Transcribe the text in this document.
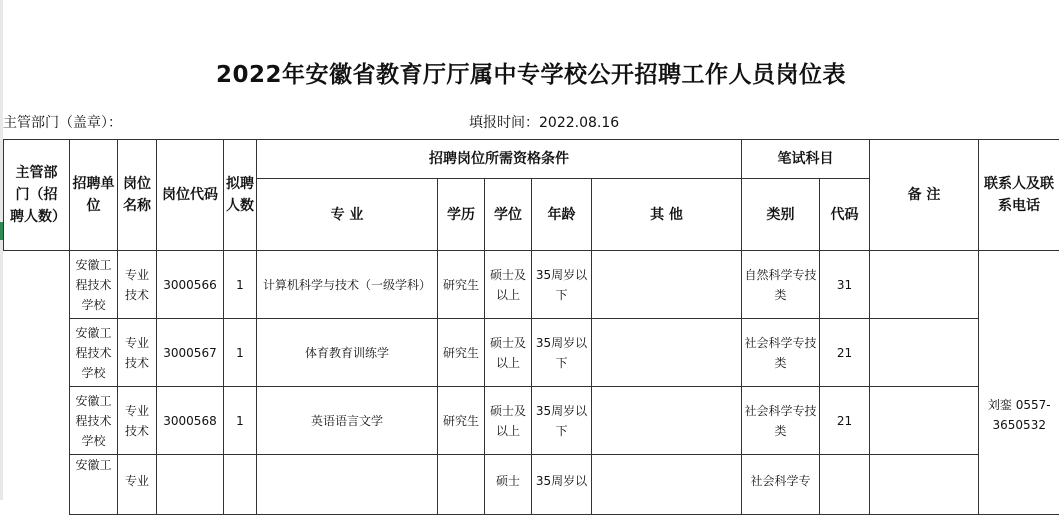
2022年安徽省教育厅厅属中专学校公开招聘工作人员岗位表
主管部门（盖章）：	填报时间：2022.08.16
主管部门（招聘人数）	招聘单位	岗位名称	岗位代码	拟聘人数	招聘岗位所需资格条件					笔试科目		备 注	联系人及联系电话
					专 业	学历	学位	年龄	其 他	类别	代码		
	安徽工程技术学校	专业技术	3000566	1	计算机科学与技术（一级学科）	研究生	硕士及以上	35周岁以下		自然科学专技类	31		刘銮 0557-3650532
	安徽工程技术学校	专业技术	3000567	1	体育教育训练学	研究生	硕士及以上	35周岁以下		社会科学专技类	21		
	安徽工程技术学校	专业技术	3000568	1	英语语言文学	研究生	硕士及以上	35周岁以下		社会科学专技类	21		
	安徽工	专业					硕士	35周岁以		社会科学专			
